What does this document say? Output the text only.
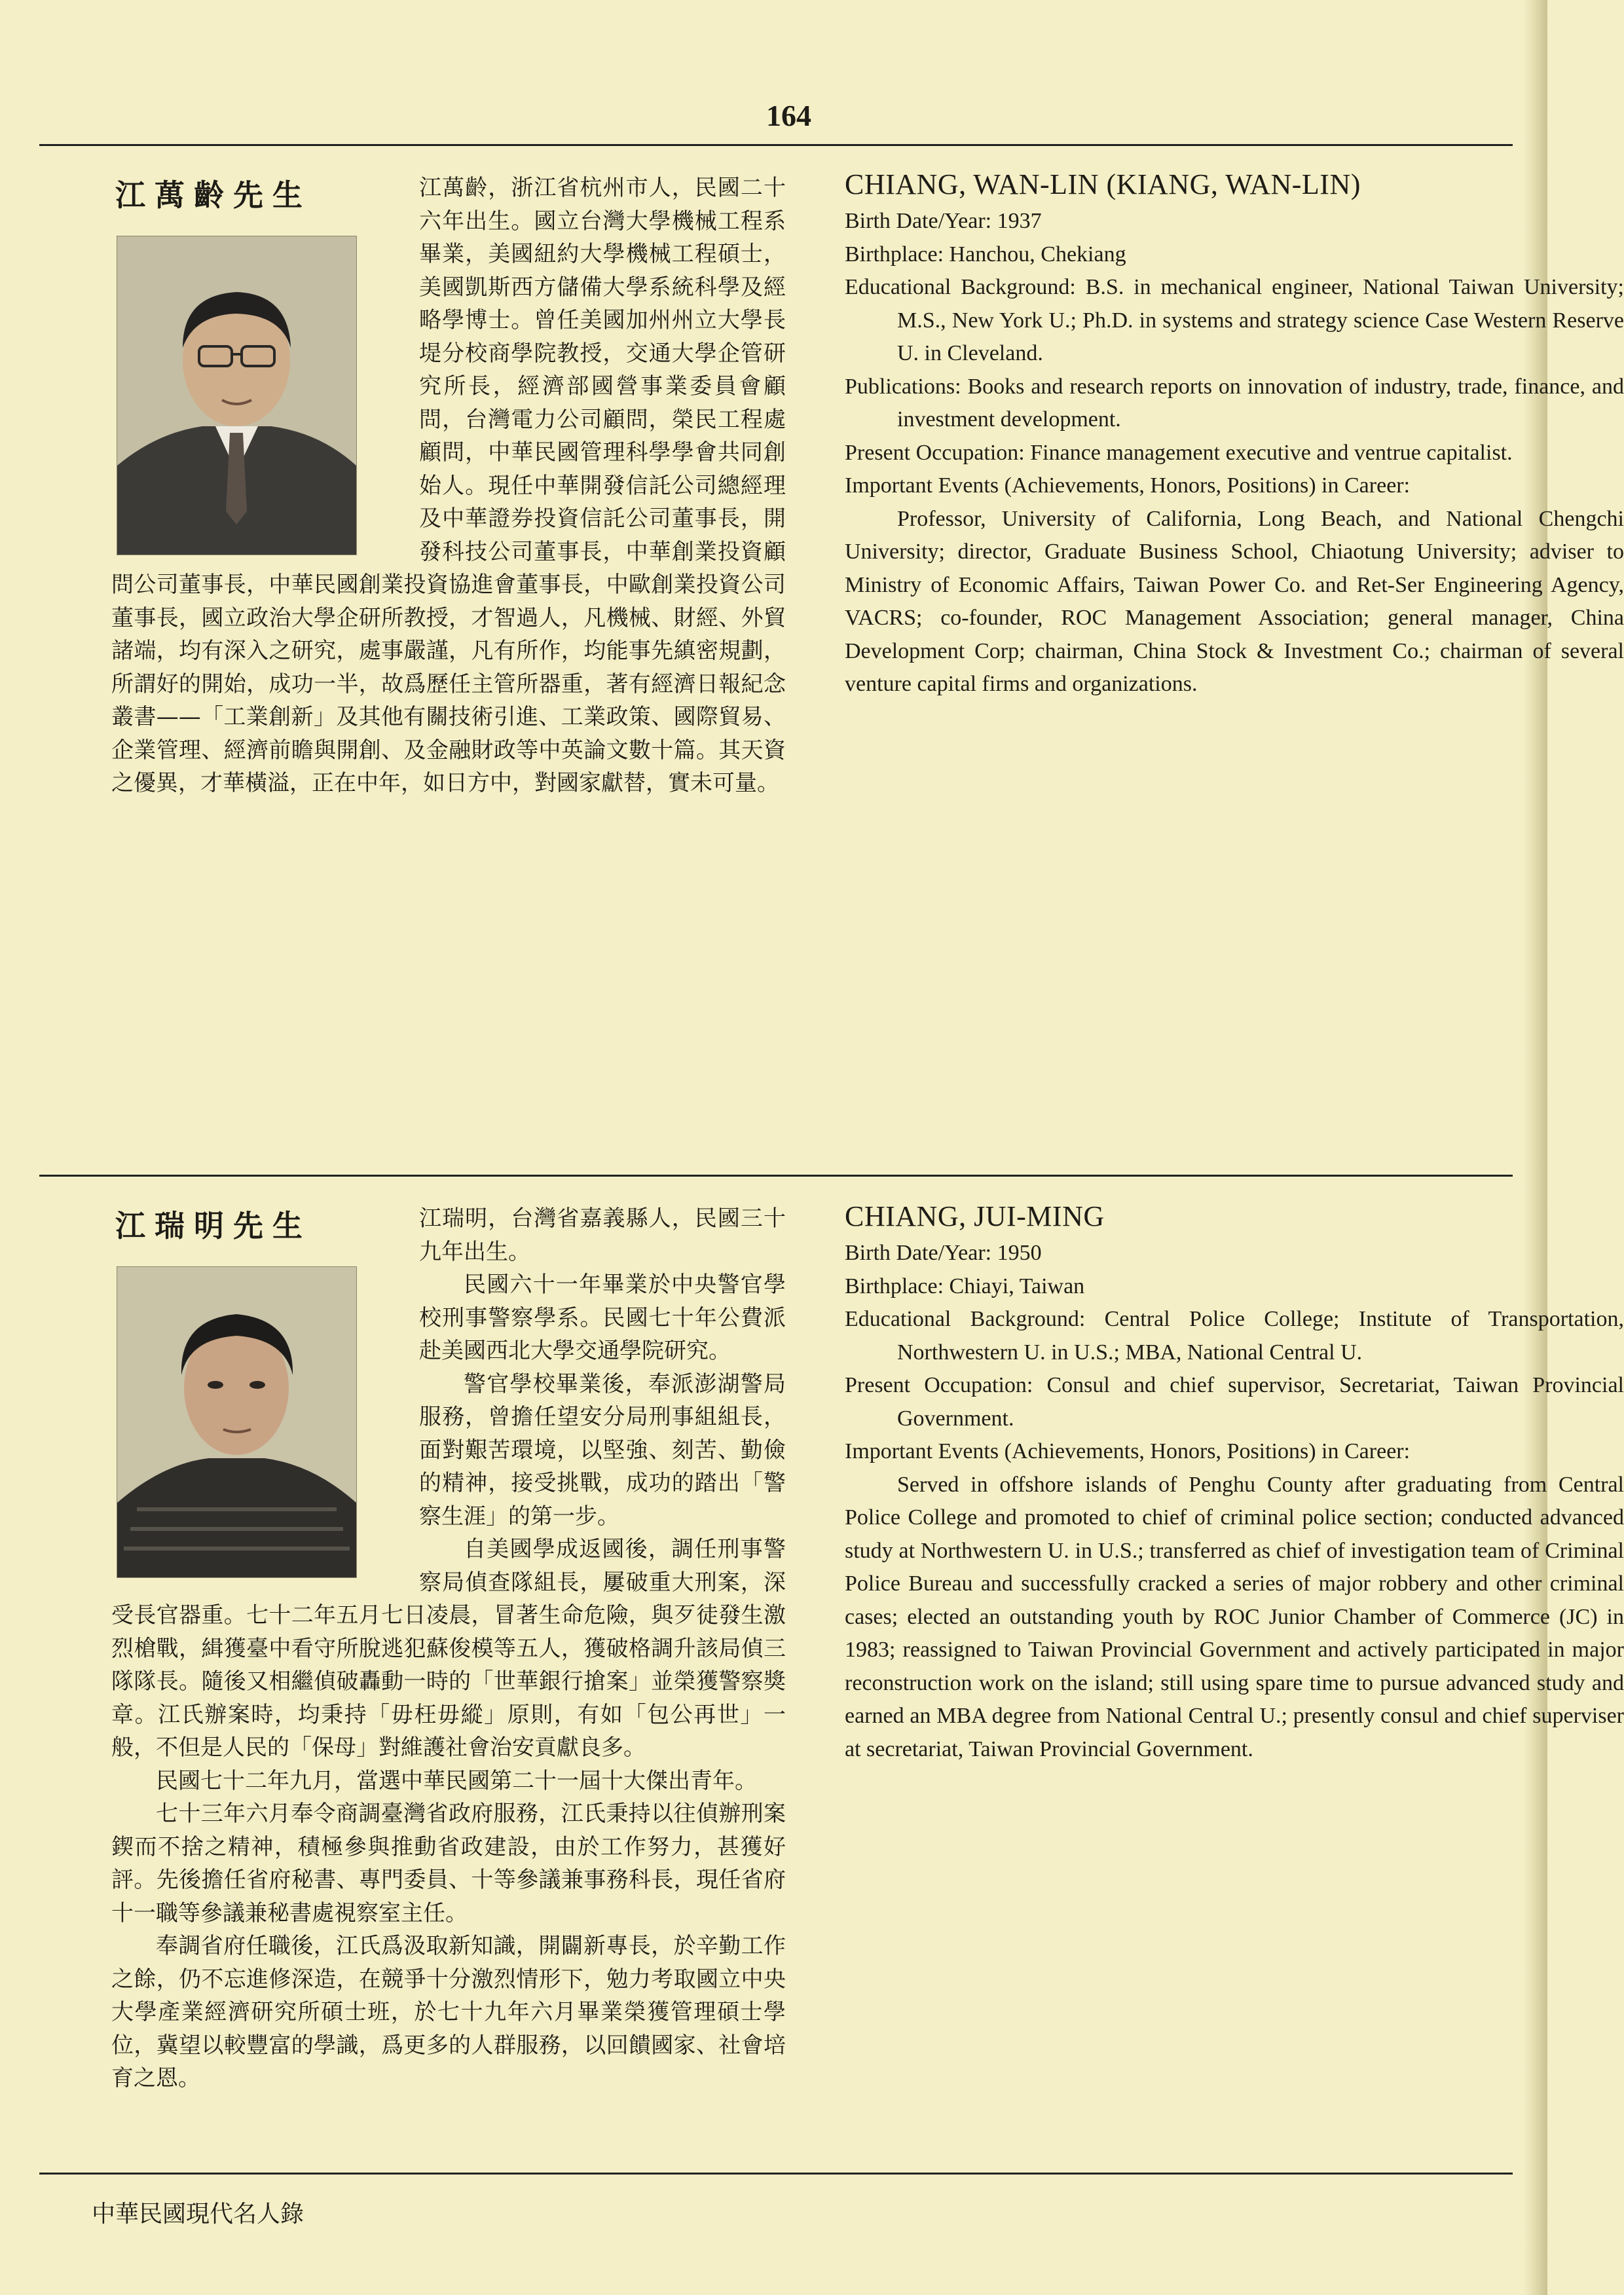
164
江萬齡先生	江萬齡，浙江省杭州市人，民國二十六年出生。國立台灣大學機械工程系畢業，美國紐約大學機械工程碩士，美國凱斯西方儲備大學系統科學及經略學博士。曾任美國加州州立大學長堤分校商學院教授，交通大學企管研究所長，經濟部國營事業委員會顧問，台灣電力公司顧問，榮民工程處顧問，中華民國管理科學學會共同創始人。現任中華開發信託公司總經理及中華證券投資信託公司董事長，開發科技公司董事長，中華創業投資顧問公司董事長，中華民國創業投資協進會董事長，中歐創業投資公司董事長，國立政治大學企研所教授，才智過人，凡機械、財經、外貿諸端，均有深入之研究，處事嚴謹，凡有所作，均能事先縝密規劃，所謂好的開始，成功一半，故爲歷任主管所器重，著有經濟日報紀念叢書——「工業創新」及其他有關技術引進、工業政策、國際貿易、企業管理、經濟前瞻與開創、及金融財政等中英論文數十篇。其天資之優異，才華橫溢，正在中年，如日方中，對國家獻替，實未可量。

CHIANG, WAN-LIN (KIANG, WAN-LIN)

Birth Date/Year: 1937

Birthplace: Hanchou, Chekiang

Educational Background: B.S. in mechanical engineer, National Taiwan University; M.S., New York U.; Ph.D. in systems and strategy science Case Western Reserve U. in Cleveland.

Publications: Books and research reports on innovation of industry, trade, finance, and investment development.

Present Occupation: Finance management executive and ventrue capitalist.

Important Events (Achievements, Honors, Positions) in Career:

Professor, University of California, Long Beach, and National Chengchi University; director, Graduate Business School, Chiaotung University; adviser to Ministry of Economic Affairs, Taiwan Power Co. and Ret-Ser Engineering Agency, VACRS; co-founder, ROC Management Association; general manager, China Development Corp; chairman, China Stock & Investment Co.; chairman of several venture capital firms and organizations.

江瑞明先生	江瑞明，台灣省嘉義縣人，民國三十九年出生。

民國六十一年畢業於中央警官學校刑事警察學系。民國七十年公費派赴美國西北大學交通學院研究。

警官學校畢業後，奉派澎湖警局服務，曾擔任望安分局刑事組組長，面對艱苦環境，以堅強、刻苦、勤儉的精神，接受挑戰，成功的踏出「警察生涯」的第一步。

自美國學成返國後，調任刑事警察局偵查隊組長，屢破重大刑案，深受長官器重。七十二年五月七日凌晨，冒著生命危險，與歹徒發生激烈槍戰，緝獲臺中看守所脫逃犯蘇俊模等五人，獲破格調升該局偵三隊隊長。隨後又相繼偵破轟動一時的「世華銀行搶案」並榮獲警察獎章。江氏辦案時，均秉持「毋枉毋縱」原則，有如「包公再世」一般，不但是人民的「保母」對維護社會治安貢獻良多。

民國七十二年九月，當選中華民國第二十一屆十大傑出青年。

七十三年六月奉令商調臺灣省政府服務，江氏秉持以往偵辦刑案鍥而不捨之精神，積極參與推動省政建設，由於工作努力，甚獲好評。先後擔任省府秘書、專門委員、十等參議兼事務科長，現任省府十一職等參議兼秘書處視察室主任。

奉調省府任職後，江氏爲汲取新知識，開闢新專長，於辛勤工作之餘，仍不忘進修深造，在競爭十分激烈情形下，勉力考取國立中央大學產業經濟研究所碩士班，於七十九年六月畢業榮獲管理碩士學位，冀望以較豐富的學識，爲更多的人群服務，以回饋國家、社會培育之恩。

CHIANG, JUI-MING

Birth Date/Year: 1950

Birthplace: Chiayi, Taiwan

Educational Background: Central Police College; Institute of Transportation, Northwestern U. in U.S.; MBA, National Central U.

Present Occupation: Consul and chief supervisor, Secretariat, Taiwan Provincial Government.

Important Events (Achievements, Honors, Positions) in Career:

Served in offshore islands of Penghu County after graduating from Central Police College and promoted to chief of criminal police section; conducted advanced study at Northwestern U. in U.S.; transferred as chief of investigation team of Criminal Police Bureau and successfully cracked a series of major robbery and other criminal cases; elected an outstanding youth by ROC Junior Chamber of Commerce (JC) in 1983; reassigned to Taiwan Provincial Government and actively participated in major reconstruction work on the island; still using spare time to pursue advanced study and earned an MBA degree from National Central U.; presently consul and chief superviser at secretariat, Taiwan Provincial Government.

中華民國現代名人錄
